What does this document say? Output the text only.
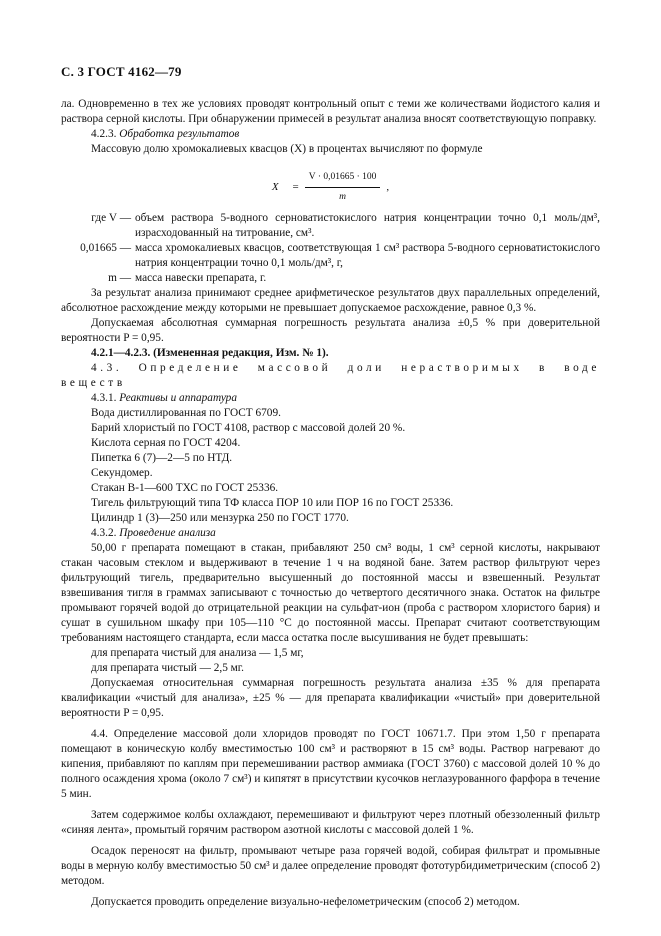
С. 3 ГОСТ 4162—79

ла. Одновременно в тех же условиях проводят контрольный опыт с теми же количествами йодистого калия и раствора серной кислоты. При обнаружении примесей в результат анализа вносят соответствующую поправку.

4.2.3. Обработка результатов

Массовую долю хромокалиевых квасцов (X) в процентах вычисляют по формуле

$X = \frac{V \cdot 0,01665 \cdot 100}{m}$ ,
где V — объем раствора 5-водного серноватистокислого натрия концентрации точно 0,1 моль/дм³, израсходованный на титрование, см³.
0,01665 — масса хромокалиевых квасцов, соответствующая 1 см³ раствора 5-водного серноватистокислого натрия концентрации точно 0,1 моль/дм³, г,
m — масса навески препарата, г.

За результат анализа принимают среднее арифметическое результатов двух параллельных определений, абсолютное расхождение между которыми не превышает допускаемое расхождение, равное 0,3 %.

Допускаемая абсолютная суммарная погрешность результата анализа ±0,5 % при доверительной вероятности P = 0,95.

4.2.1—4.2.3. (Измененная редакция, Изм. № 1).

4.3. Определение массовой доли нерастворимых в воде веществ

4.3.1. Реактивы и аппаратура

Вода дистиллированная по ГОСТ 6709.

Барий хлористый по ГОСТ 4108, раствор с массовой долей 20 %.

Кислота серная по ГОСТ 4204.

Пипетка 6 (7)—2—5 по НТД.

Секундомер.

Стакан В-1—600 ТХС по ГОСТ 25336.

Тигель фильтрующий типа ТФ класса ПОР 10 или ПОР 16 по ГОСТ 25336.

Цилиндр 1 (3)—250 или мензурка 250 по ГОСТ 1770.

4.3.2. Проведение анализа

50,00 г препарата помещают в стакан, прибавляют 250 см³ воды, 1 см³ серной кислоты, накрывают стакан часовым стеклом и выдерживают в течение 1 ч на водяной бане. Затем раствор фильтруют через фильтрующий тигель, предварительно высушенный до постоянной массы и взвешенный. Результат взвешивания тигля в граммах записывают с точностью до четвертого десятичного знака. Остаток на фильтре промывают горячей водой до отрицательной реакции на сульфат-ион (проба с раствором хлористого бария) и сушат в сушильном шкафу при 105—110 °С до постоянной массы. Препарат считают соответствующим требованиям настоящего стандарта, если масса остатка после высушивания не будет превышать:

для препарата чистый для анализа — 1,5 мг,

для препарата чистый — 2,5 мг.

Допускаемая относительная суммарная погрешность результата анализа ±35 % для препарата квалификации «чистый для анализа», ±25 % — для препарата квалификации «чистый» при доверительной вероятности P = 0,95.

4.4. Определение массовой доли хлоридов проводят по ГОСТ 10671.7. При этом 1,50 г препарата помещают в коническую колбу вместимостью 100 см³ и растворяют в 15 см³ воды. Раствор нагревают до кипения, прибавляют по каплям при перемешивании раствор аммиака (ГОСТ 3760) с массовой долей 10 % до полного осаждения хрома (около 7 см³) и кипятят в присутствии кусочков неглазурованного фарфора в течение 5 мин.

Затем содержимое колбы охлаждают, перемешивают и фильтруют через плотный обеззоленный фильтр «синяя лента», промытый горячим раствором азотной кислоты с массовой долей 1 %.

Осадок переносят на фильтр, промывают четыре раза горячей водой, собирая фильтрат и промывные воды в мерную колбу вместимостью 50 см³ и далее определение проводят фототурбидиметрическим (способ 2) методом.

Допускается проводить определение визуально-нефелометрическим (способ 2) методом.
